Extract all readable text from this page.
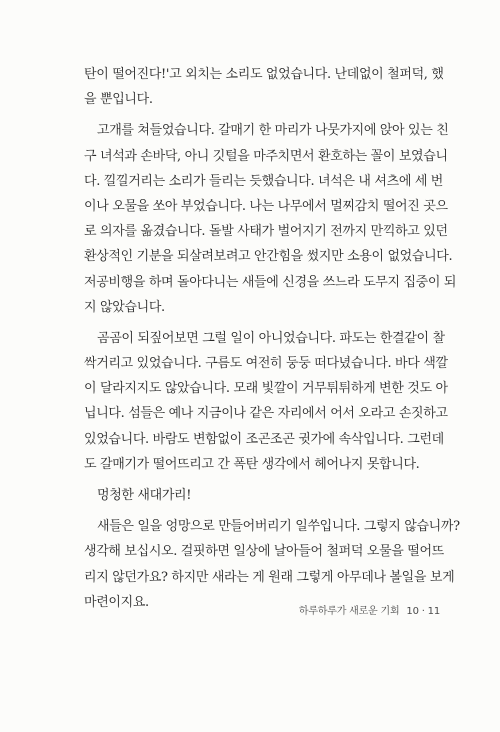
탄이 떨어진다!'고 외치는 소리도 없었습니다. 난데없이 철퍼덕, 했
을 뿐입니다.
고개를 쳐들었습니다. 갈매기 한 마리가 나뭇가지에 앉아 있는 친
구 녀석과 손바닥, 아니 깃털을 마주치면서 환호하는 꼴이 보였습니
다. 낄낄거리는 소리가 들리는 듯했습니다. 녀석은 내 셔츠에 세 번
이나 오물을 쏘아 부었습니다. 나는 나무에서 멀찌감치 떨어진 곳으
로 의자를 옮겼습니다. 돌발 사태가 벌어지기 전까지 만끽하고 있던
환상적인 기분을 되살려보려고 안간힘을 썼지만 소용이 없었습니다.
저공비행을 하며 돌아다니는 새들에 신경을 쓰느라 도무지 집중이 되
지 않았습니다.
곰곰이 되짚어보면 그럴 일이 아니었습니다. 파도는 한결같이 찰
싹거리고 있었습니다. 구름도 여전히 둥둥 떠다녔습니다. 바다 색깔
이 달라지지도 않았습니다. 모래 빛깔이 거무튀튀하게 변한 것도 아
닙니다. 섬들은 예나 지금이나 같은 자리에서 어서 오라고 손짓하고
있었습니다. 바람도 변함없이 조곤조곤 귓가에 속삭입니다. 그런데
도 갈매기가 떨어뜨리고 간 폭탄 생각에서 헤어나지 못합니다.
멍청한 새대가리!
새들은 일을 엉망으로 만들어버리기 일쑤입니다. 그렇지 않습니까?
생각해 보십시오. 걸핏하면 일상에 날아들어 철퍼덕 오물을 떨어뜨
리지 않던가요? 하지만 새라는 게 원래 그렇게 아무데나 볼일을 보게
마련이지요.
하루하루가 새로운 기회 10 · 11
